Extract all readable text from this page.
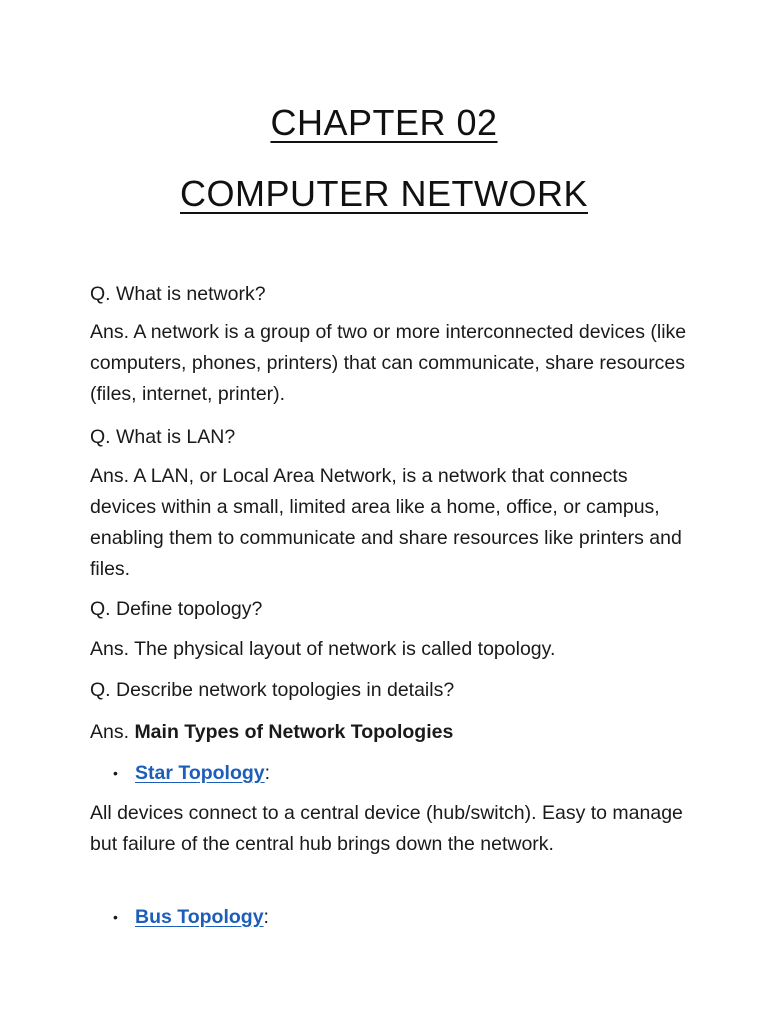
CHAPTER 02
COMPUTER NETWORK

Q. What is network?

Ans. A network is a group of two or more interconnected devices (like computers, phones, printers) that can communicate, share resources (files, internet, printer).

Q. What is LAN?

Ans. A LAN, or Local Area Network, is a network that connects devices within a small, limited area like a home, office, or campus, enabling them to communicate and share resources like printers and files.

Q. Define topology?

Ans. The physical layout of network is called topology.

Q. Describe network topologies in details?

Ans. Main Types of Network Topologies

• Star Topology:

All devices connect to a central device (hub/switch). Easy to manage but failure of the central hub brings down the network.

• Bus Topology:
